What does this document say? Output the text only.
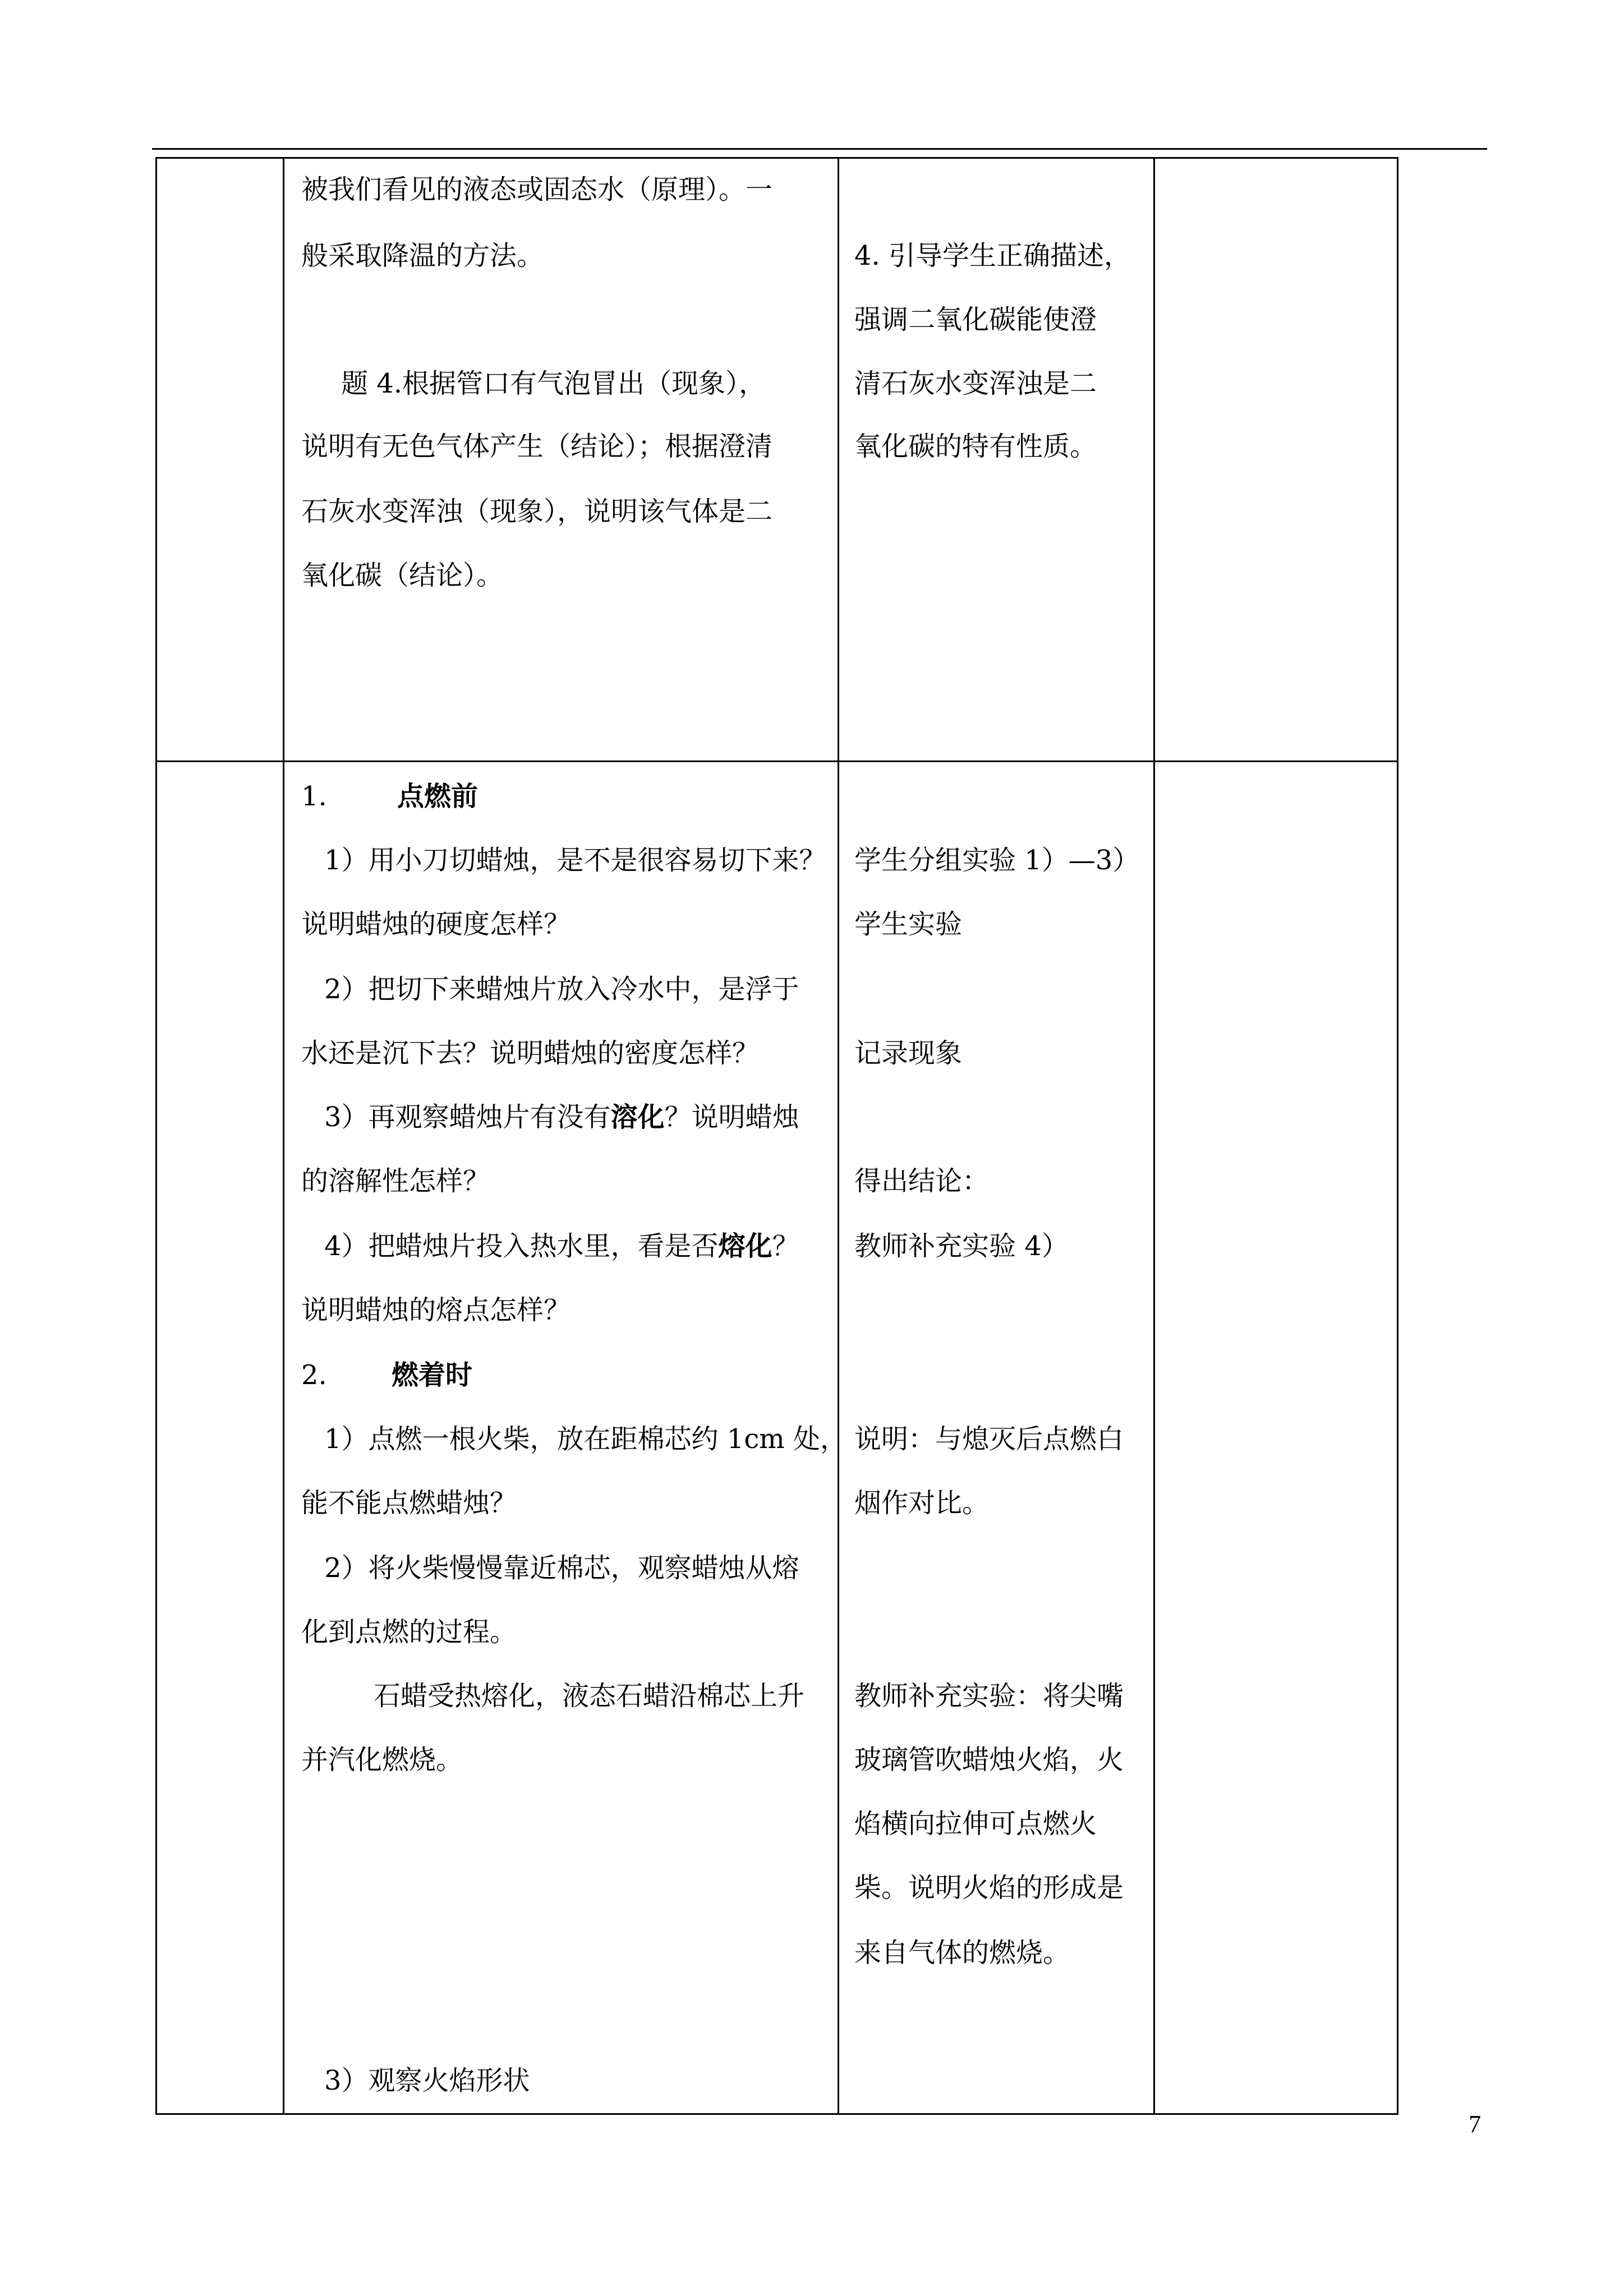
被我们看见的液态或固态水（原理）。一
般采取降温的方法。
题 4.根据管口有气泡冒出（现象），
说明有无色气体产生（结论）；根据澄清
石灰水变浑浊（现象），说明该气体是二
氧化碳（结论）。
4. 引导学生正确描述，
强调二氧化碳能使澄
清石灰水变浑浊是二
氧化碳的特有性质。
1.	点燃前
1）用小刀切蜡烛，是不是很容易切下来？
说明蜡烛的硬度怎样？
2）把切下来蜡烛片放入冷水中，是浮于
水还是沉下去？说明蜡烛的密度怎样？
3）再观察蜡烛片有没有溶化？说明蜡烛
的溶解性怎样？
4）把蜡烛片投入热水里，看是否熔化？
说明蜡烛的熔点怎样？
2. 燃着时
1）点燃一根火柴，放在距棉芯约 1cm 处，
能不能点燃蜡烛？
2）将火柴慢慢靠近棉芯，观察蜡烛从熔
化到点燃的过程。
石蜡受热熔化，液态石蜡沿棉芯上升
并汽化燃烧。
3）观察火焰形状
学生分组实验 1）—3）
学生实验
记录现象
得出结论：
教师补充实验 4）
说明：与熄灭后点燃白
烟作对比。
教师补充实验：将尖嘴
玻璃管吹蜡烛火焰，火
焰横向拉伸可点燃火
柴。说明火焰的形成是
来自气体的燃烧。
7
